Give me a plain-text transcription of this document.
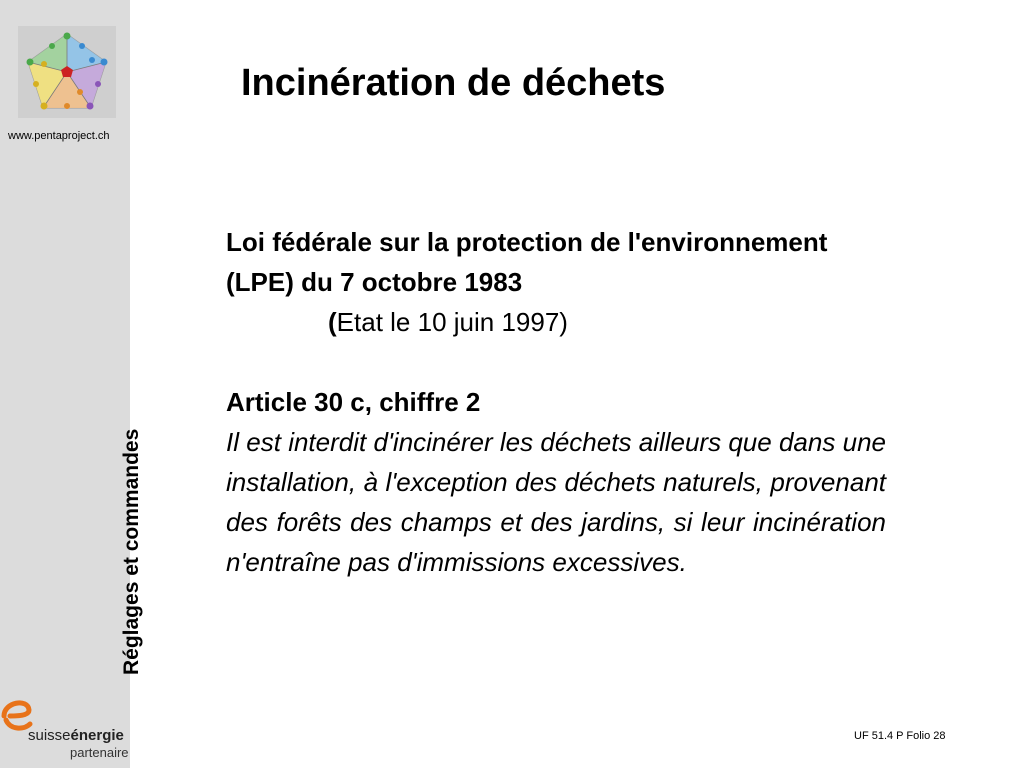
www.pentaproject.ch
Réglages et commandes
suisseénergie
partenaire
Incinération de déchets
Loi fédérale sur la protection de l'environnement (LPE) du 7 octobre 1983
(Etat le 10 juin 1997)
Article 30 c, chiffre 2
Il est interdit d'incinérer les déchets ailleurs que dans une installation, à l'exception des déchets naturels, provenant des forêts des champs et des jardins, si leur incinération n'entraîne pas d'immissions excessives.
UF 51.4 P Folio 28
